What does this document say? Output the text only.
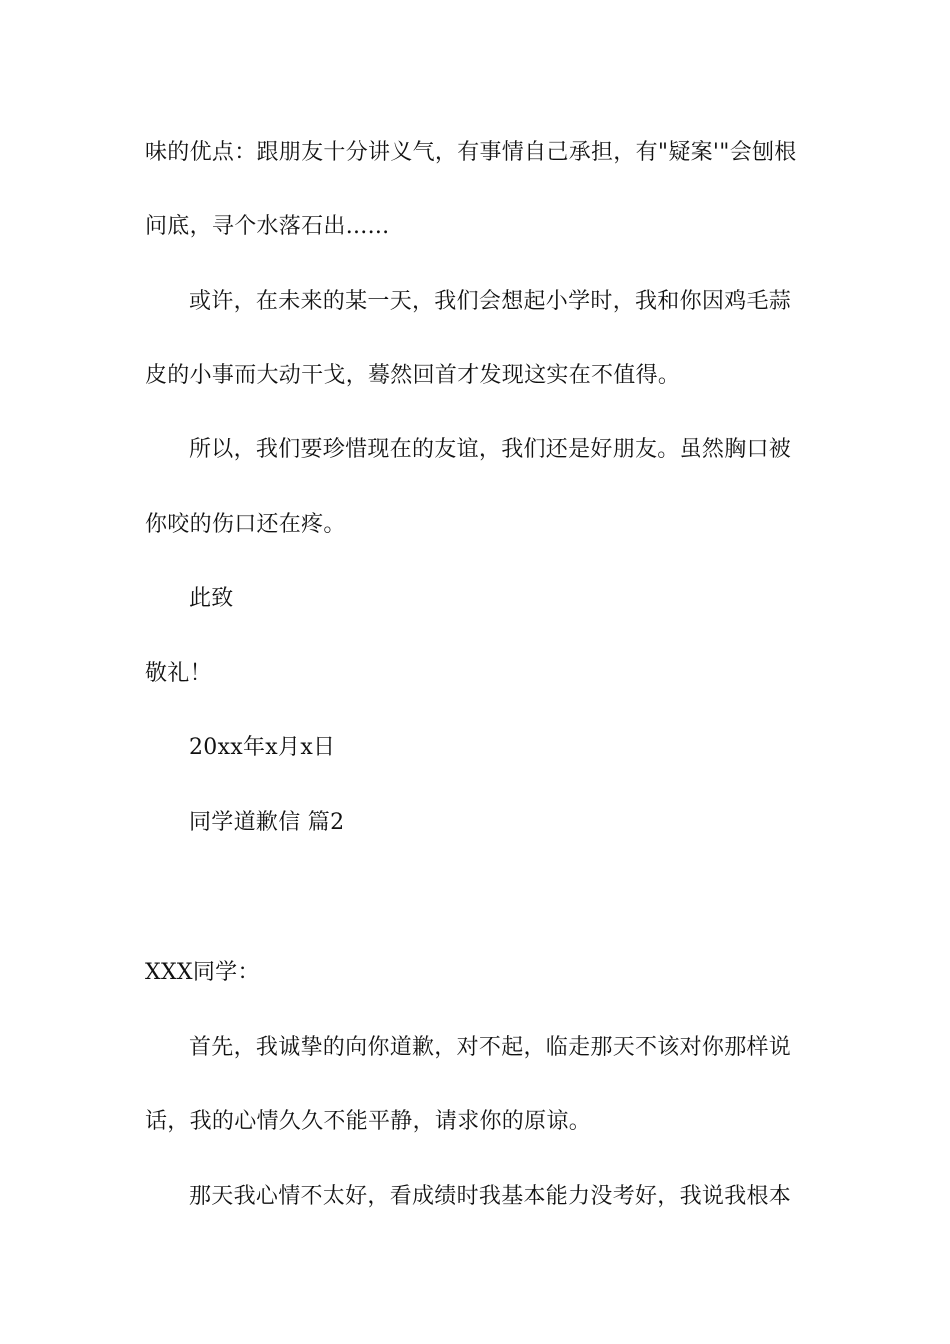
味的优点：跟朋友十分讲义气，有事情自己承担，有"疑案'"会刨根
问底，寻个水落石出......
或许，在未来的某一天，我们会想起小学时，我和你因鸡毛蒜
皮的小事而大动干戈，蓦然回首才发现这实在不值得。
所以，我们要珍惜现在的友谊，我们还是好朋友。虽然胸口被
你咬的伤口还在疼。
此致
敬礼！
20xx年x月x日
同学道歉信 篇2
XXX同学：
首先，我诚挚的向你道歉，对不起，临走那天不该对你那样说
话，我的心情久久不能平静，请求你的原谅。
那天我心情不太好，看成绩时我基本能力没考好，我说我根本
